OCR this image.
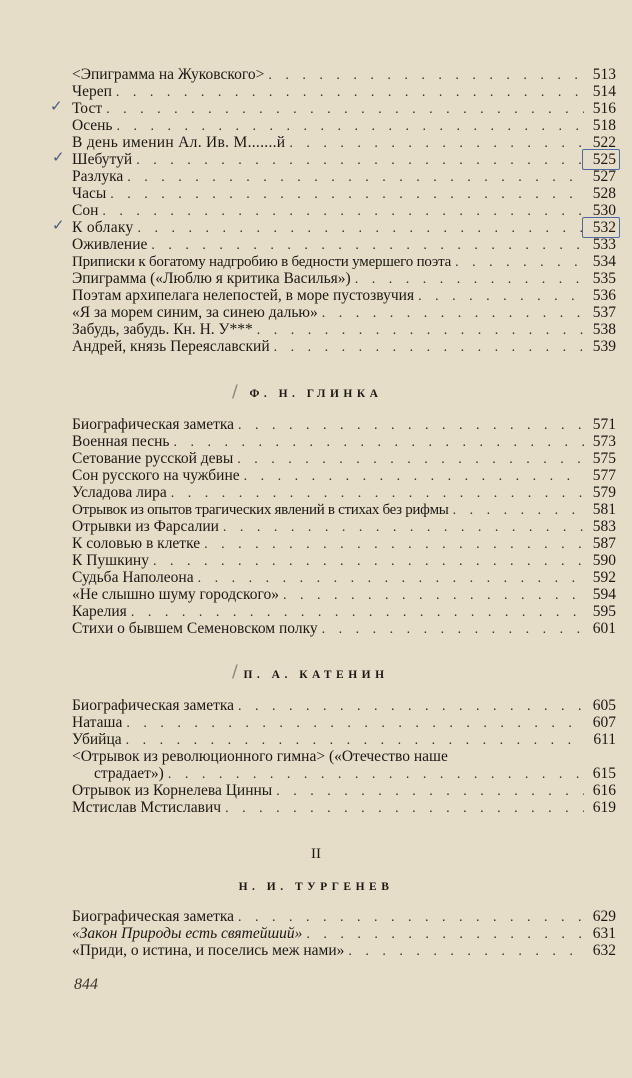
<Эпиграмма на Жуковского> . . .	513
Череп . . .	514
Тост . . .	516
Осень . . .	518
В день именин Ал. Ив. М.......й . . .	522
Шебутуй . . .	525
Разлука . . .	527
Часы . . .	528
Сон . . .	530
К облаку . . .	532
Оживление . . .	533
Приписки к богатому надгробию в бедности умершего поэта . . .	534
Эпиграмма («Люблю я критика Василья») . . .	535
Поэтам архипелага нелепостей, в море пустозвучия . . .	536
«Я за морем синим, за синею далью» . . .	537
Забудь, забудь. Кн. Н. У*** . . .	538
Андрей, князь Переяславский . . .	539
Ф. Н. ГЛИНКА
Биографическая заметка . . .	571
Военная песнь . . .	573
Сетование русской девы . . .	575
Сон русского на чужбине . . .	577
Усладова лира . . .	579
Отрывок из опытов трагических явлений в стихах без рифмы . . .	581
Отрывки из Фарсалии . . .	583
К соловью в клетке . . .	587
К Пушкину . . .	590
Судьба Наполеона . . .	592
«Не слышно шуму городского» . . .	594
Карелия . . .	595
Стихи о бывшем Семеновском полку . . .	601
П. А. КАТЕНИН
Биографическая заметка . . .	605
Наташа . . .	607
Убийца . . .	611
<Отрывок из революционного гимна> («Отечество наше
страдает») . . .	615
Отрывок из Корнелева Цинны . . .	616
Мстислав Мстиславич . . .	619
II
Н. И. ТУРГЕНЕВ
Биографическая заметка . . .	629
«Закон Природы есть святейший» . . .	631
«Приди, о истина, и поселись меж нами» . . .	632
844
✓
✓
✓
/
/
